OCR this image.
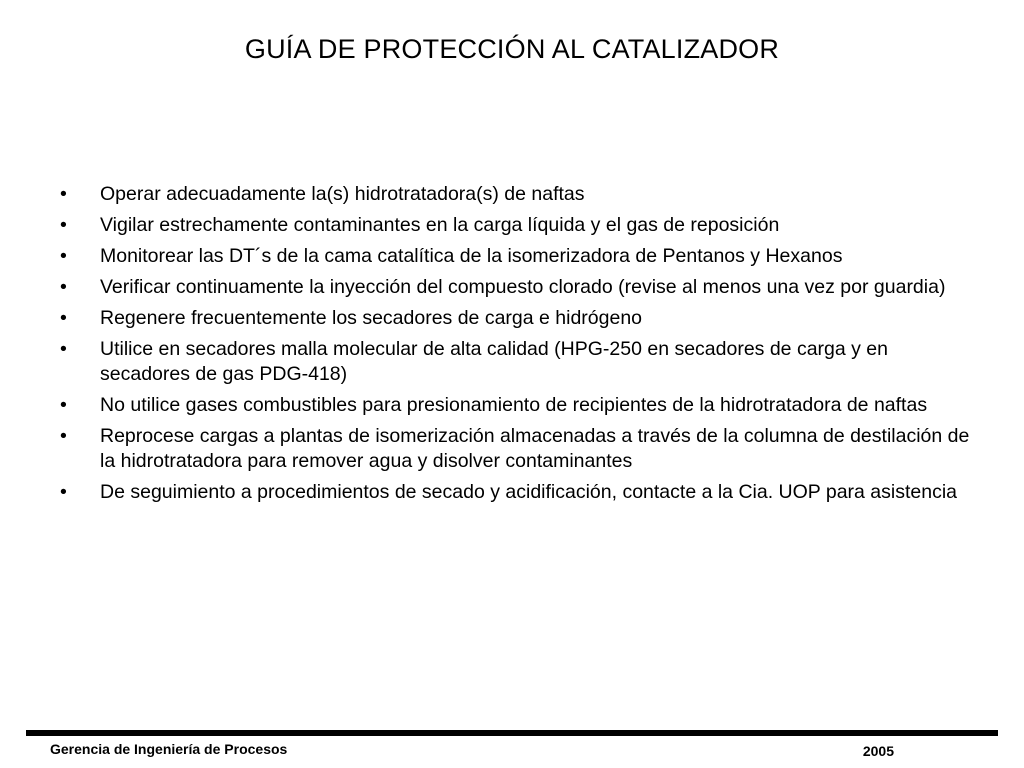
GUÍA DE PROTECCIÓN AL CATALIZADOR
• Operar adecuadamente la(s) hidrotratadora(s) de naftas
• Vigilar estrechamente contaminantes en la carga líquida y el gas de reposición
• Monitorear las DT´s de la cama catalítica de la isomerizadora de Pentanos y Hexanos
• Verificar continuamente la inyección del compuesto clorado (revise al menos una vez por guardia)
• Regenere frecuentemente los secadores de carga e hidrógeno
• Utilice en secadores malla molecular de alta calidad (HPG-250 en secadores de carga y en secadores de gas PDG-418)
• No utilice gases combustibles para presionamiento de recipientes de la hidrotratadora de naftas
• Reprocese cargas a plantas de isomerización almacenadas a través de la columna de destilación de la hidrotratadora para remover agua y disolver contaminantes
• De seguimiento a procedimientos de secado y acidificación, contacte a la Cia. UOP para asistencia
Gerencia de Ingeniería de Procesos	2005
